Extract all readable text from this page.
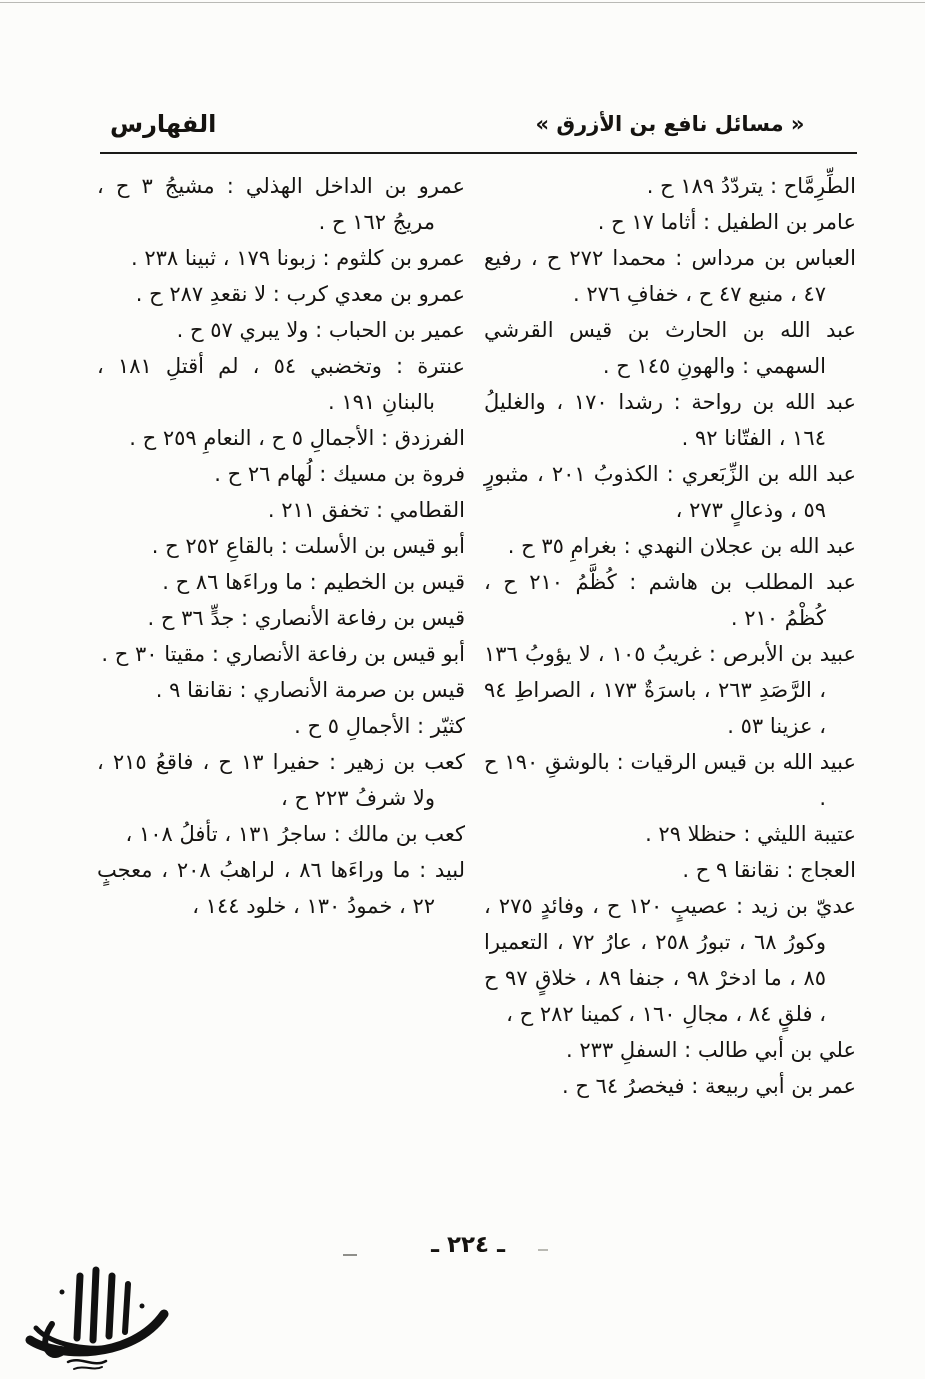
الفهارس	« مسائل نافع بن الأزرق »

الطِّرِمَّاح : يتردّدُ ١٨٩ ح .

عامر بن الطفيل : أثاما ١٧ ح .

العباس بن مرداس : محمدا ٢٧٢ ح ، رفيع ٤٧ ، منيع ٤٧ ح ، خفافِ ٢٧٦ .

عبد الله بن الحارث بن قيس القرشي السهمي : والهونِ ١٤٥ ح .

عبد الله بن رواحة : رشدا ١٧٠ ، والغليلُ ١٦٤ ، الفتّانا ٩٢ .

عبد الله بن الزِّبَعري : الكذوبُ ٢٠١ ، مثبورٍ ٥٩ ، وذعالٍ ٢٧٣ ،

عبد الله بن عجلان النهدي : بغرامِ ٣٥ ح .

عبد المطلب بن هاشم : كُظَّمُ ٢١٠ ح ، كُظْمُ ٢١٠ .

عبيد بن الأبرص : غريبُ ١٠٥ ، لا يؤوبُ ١٣٦ ، الرَّصَدِ ٢٦٣ ، باسرَةٌ ١٧٣ ، الصراطِ ٩٤ ، عزينا ٥٣ .

عبيد الله بن قيس الرقيات : بالوشقِ ١٩٠ ح .

عتيبة الليثي : حنظلا ٢٩ .

العجاج : نقانقا ٩ ح .

عديّ بن زيد : عصيبٍ ١٢٠ ح ، وفائدٍ ٢٧٥ ، وكورُ ٦٨ ، تبورُ ٢٥٨ ، عارُ ٧٢ ، التعميرا ٨٥ ، ما ادخرْ ٩٨ ، جنفا ٨٩ ، خلاقٍ ٩٧ ح ، فلقٍ ٨٤ ، مجالِ ١٦٠ ، كمينا ٢٨٢ ح ،

علي بن أبي طالب : السفلِ ٢٣٣ .

عمر بن أبي ربيعة : فيخصرُ ٦٤ ح .

عمرو بن الداخل الهذلي : مشيجُ ٣ ح ، مريجُ ١٦٢ ح .

عمرو بن كلثوم : زبونا ١٧٩ ، ثبينا ٢٣٨ .

عمرو بن معدي كرب : لا نقعدِ ٢٨٧ ح .

عمير بن الحباب : ولا يبري ٥٧ ح .

عنترة : وتخضبي ٥٤ ، لم أقتلِ ١٨١ ، بالبنانِ ١٩١ .

الفرزدق : الأجمالِ ٥ ح ، النعامِ ٢٥٩ ح .

فروة بن مسيك : لُهام ٢٦ ح .

القطامي : تخفق ٢١١ .

أبو قيس بن الأسلت : بالقاعِ ٢٥٢ ح .

قيس بن الخطيم : ما وراءَها ٨٦ ح .

قيس بن رفاعة الأنصاري : جدٍّ ٣٦ ح .

أبو قيس بن رفاعة الأنصاري : مقيتا ٣٠ ح .

قيس بن صرمة الأنصاري : نقانقا ٩ .

كثيّر : الأجمالِ ٥ ح .

كعب بن زهير : حفيرا ١٣ ح ، فاقعُ ٢١٥ ، ولا شرفُ ٢٢٣ ح ،

كعب بن مالك : ساجرُ ١٣١ ، تأفلُ ١٠٨ ،

لبيد : ما وراءَها ٨٦ ، لراهبُ ٢٠٨ ، معجبٍ ٢٢ ، خمودُ ١٣٠ ، خلود ١٤٤ ،

ـ ٢٢٤ ـ
